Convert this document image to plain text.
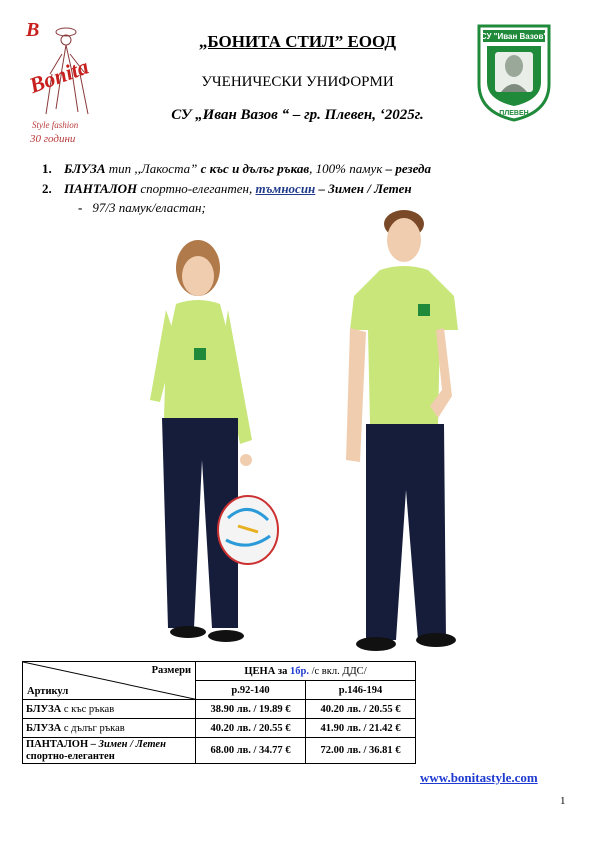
B
Bonita
Style fashion
30 години
СУ "Иван Вазов"
ПЛЕВЕН
„БОНИТА СТИЛ” ЕООД
УЧЕНИЧЕСКИ УНИФОРМИ
СУ „Иван Вазов “ – гр. Плевен, ‘2025г.
1. БЛУЗА тип ,,Лакоста” с къс и дълъг ръкав, 100% памук – резеда
2. ПАНТАЛОН спортно-елегантен, тъмносин – Зимен / Летен
- 97/3 памук/еластан;
Размери
Артикул	ЦЕНА за 1бр. /с вкл. ДДС/	
	р.92-140	р.146-194
БЛУЗА с къс ръкав	38.90 лв. / 19.89 €	40.20 лв. / 20.55 €
БЛУЗА с дълъг ръкав	40.20 лв. / 20.55 €	41.90 лв. / 21.42 €
ПАНТАЛОН – Зимен / Летен
спортно-елегантен	68.00 лв. / 34.77 €	72.00 лв. / 36.81 €
www.bonitastyle.com
1
